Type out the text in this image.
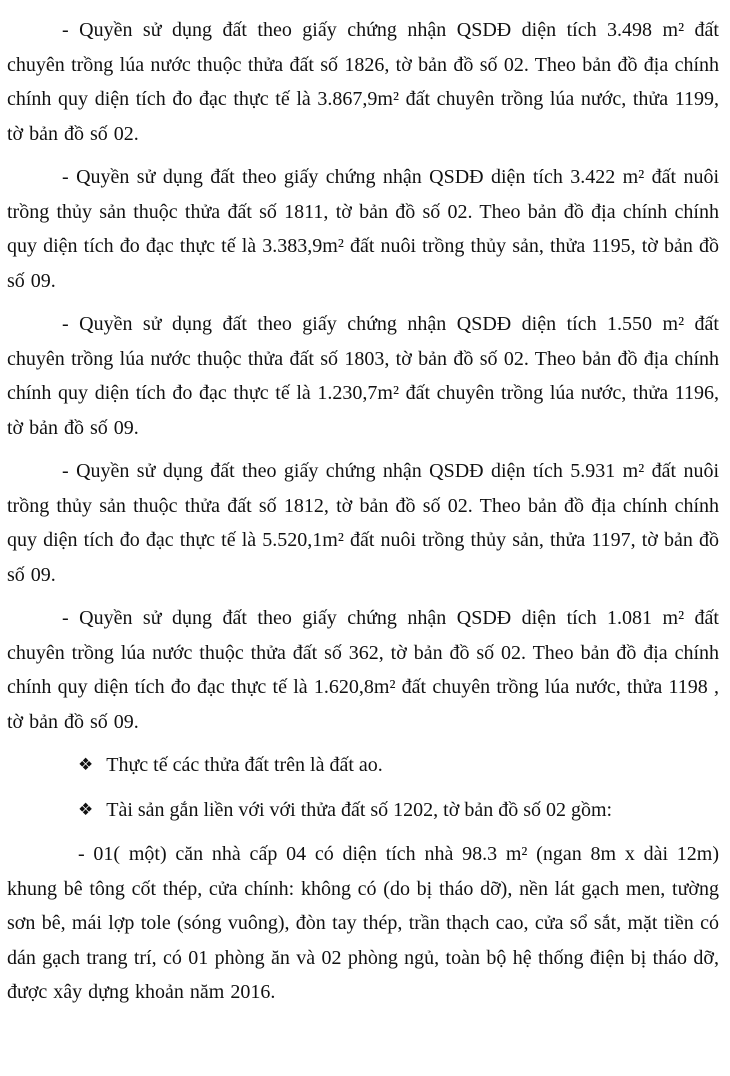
- Quyền sử dụng đất theo giấy chứng nhận QSDĐ diện tích 3.498 m² đất chuyên trồng lúa nước thuộc thửa đất số 1826, tờ bản đồ số 02. Theo bản đồ địa chính chính quy diện tích đo đạc thực tế là 3.867,9m² đất chuyên trồng lúa nước, thửa 1199, tờ bản đồ số 02.

- Quyền sử dụng đất theo giấy chứng nhận QSDĐ diện tích 3.422 m² đất nuôi trồng thủy sản thuộc thửa đất số 1811, tờ bản đồ số 02. Theo bản đồ địa chính chính quy diện tích đo đạc thực tế là 3.383,9m² đất nuôi trồng thủy sản, thửa 1195, tờ bản đồ số 09.

- Quyền sử dụng đất theo giấy chứng nhận QSDĐ diện tích 1.550 m² đất chuyên trồng lúa nước thuộc thửa đất số 1803, tờ bản đồ số 02. Theo bản đồ địa chính chính quy diện tích đo đạc thực tế là 1.230,7m² đất chuyên trồng lúa nước, thửa 1196, tờ bản đồ số 09.

- Quyền sử dụng đất theo giấy chứng nhận QSDĐ diện tích 5.931 m² đất nuôi trồng thủy sản thuộc thửa đất số 1812, tờ bản đồ số 02. Theo bản đồ địa chính chính quy diện tích đo đạc thực tế là 5.520,1m² đất nuôi trồng thủy sản, thửa 1197, tờ bản đồ số 09.

- Quyền sử dụng đất theo giấy chứng nhận QSDĐ diện tích 1.081 m² đất chuyên trồng lúa nước thuộc thửa đất số 362, tờ bản đồ số 02. Theo bản đồ địa chính chính quy diện tích đo đạc thực tế là 1.620,8m² đất chuyên trồng lúa nước, thửa 1198 , tờ bản đồ số 09.

❖ Thực tế các thửa đất trên là đất ao.

❖ Tài sản gắn liền với với thửa đất số 1202, tờ bản đồ số 02 gồm:

- 01( một) căn nhà cấp 04 có diện tích nhà 98.3 m² (ngan 8m x dài 12m) khung bê tông cốt thép, cửa chính: không có (do bị tháo dỡ), nền lát gạch men, tường sơn bê, mái lợp tole (sóng vuông), đòn tay thép, trần thạch cao, cửa sổ sắt, mặt tiền có dán gạch trang trí, có 01 phòng ăn và 02 phòng ngủ, toàn bộ hệ thống điện bị tháo dỡ, được xây dựng khoản năm 2016.
